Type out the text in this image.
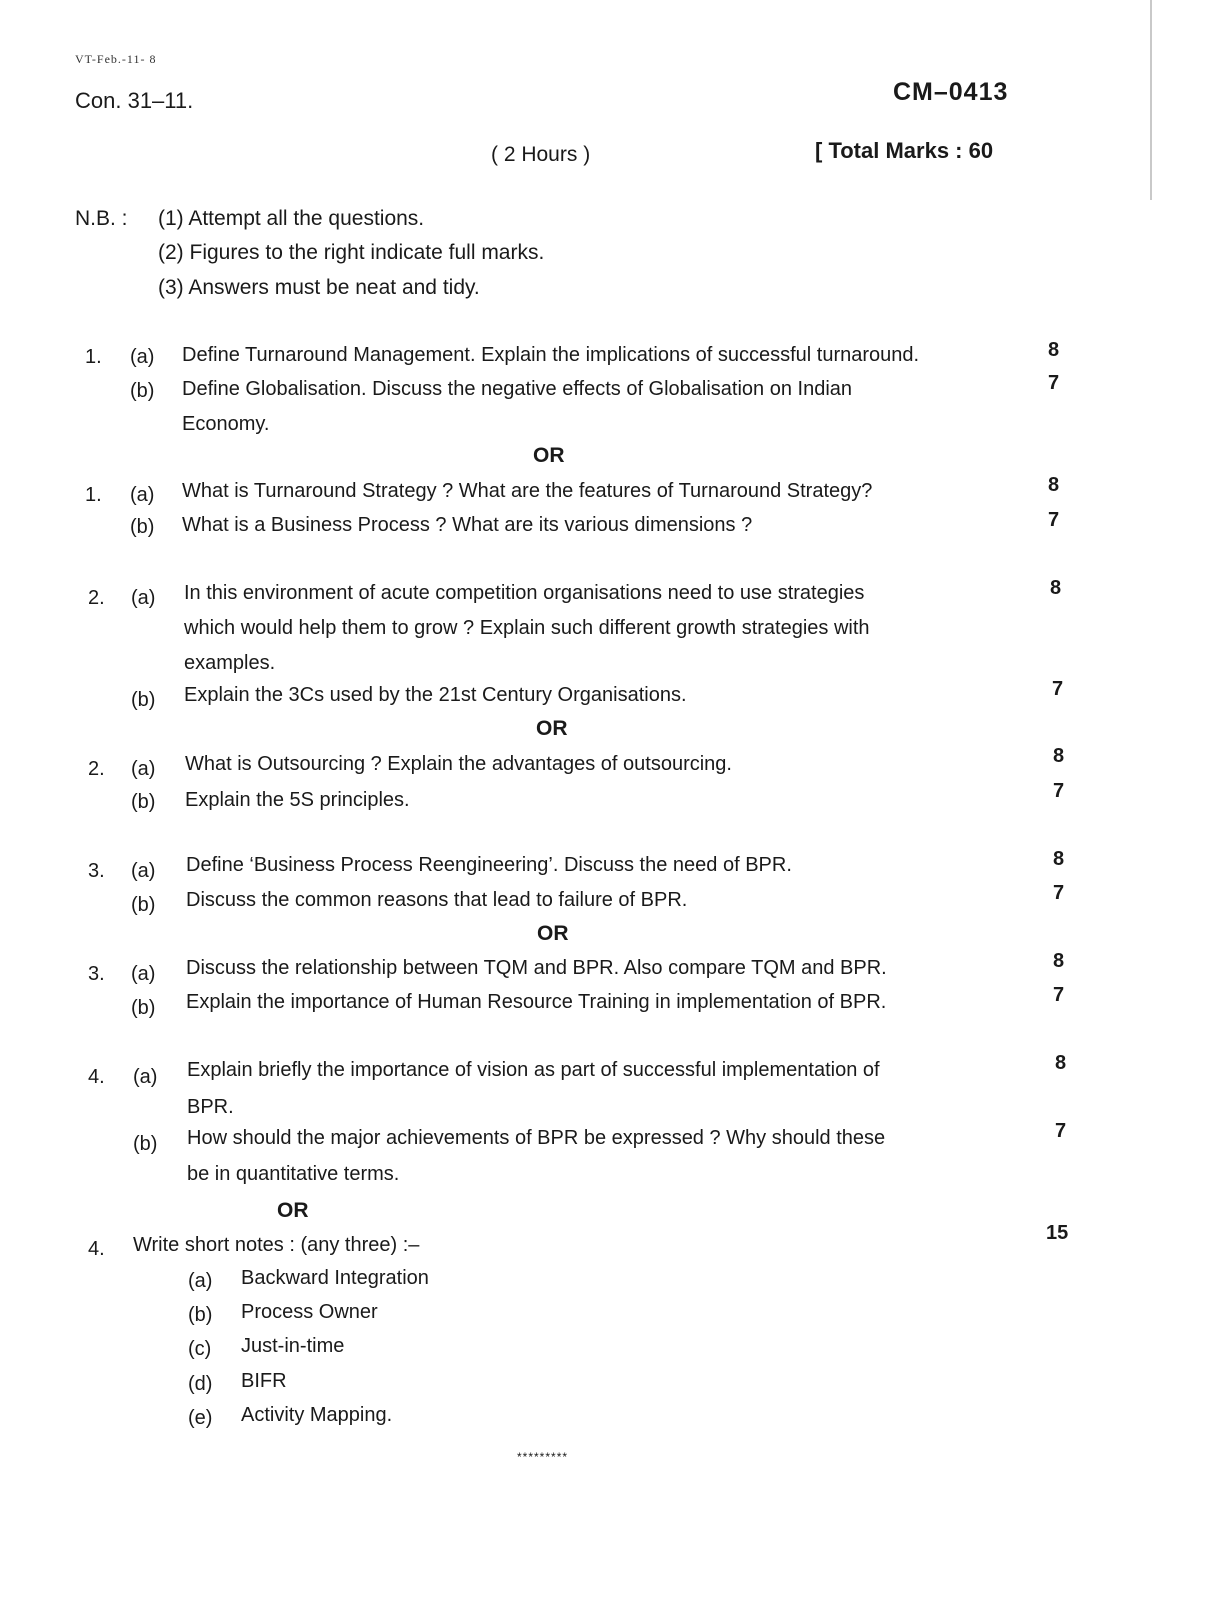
VT-Feb.-11- 8
Con. 31–11.	CM–0413
( 2 Hours )	[ Total Marks : 60
N.B. : (1) Attempt all the questions.
(2) Figures to the right indicate full marks.
(3) Answers must be neat and tidy.
1. (a) Define Turnaround Management. Explain the implications of successful turnaround.	8
(b) Define Globalisation. Discuss the negative effects of Globalisation on Indian
Economy.
7
OR
1. (a) What is Turnaround Strategy ? What are the features of Turnaround Strategy?	8
(b) What is a Business Process ? What are its various dimensions ?	7
2. (a) In this environment of acute competition organisations need to use strategies
which would help them to grow ? Explain such different growth strategies with
examples.
8
(b) Explain the 3Cs used by the 21st Century Organisations.	7
OR
2. (a) What is Outsourcing ? Explain the advantages of outsourcing.	8
(b) Explain the 5S principles.	7
3. (a) Define ‘Business Process Reengineering’. Discuss the need of BPR.	8
(b) Discuss the common reasons that lead to failure of BPR.	7
OR
3. (a) Discuss the relationship between TQM and BPR. Also compare TQM and BPR.	8
(b) Explain the importance of Human Resource Training in implementation of BPR.	7
4. (a) Explain briefly the importance of vision as part of successful implementation of
BPR.
8
(b) How should the major achievements of BPR be expressed ? Why should these
be in quantitative terms.
7
OR
4. Write short notes : (any three) :–
15
(a) Backward Integration
(b) Process Owner
(c) Just-in-time
(d) BIFR
(e) Activity Mapping.
*********
